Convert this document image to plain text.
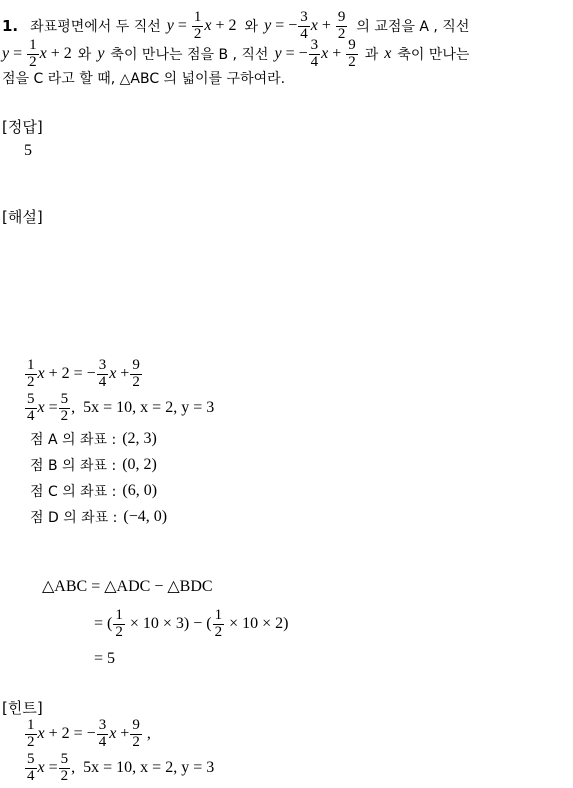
1. 좌표평면에서 두 직선 $y = \frac{1}{2}$ x + 2 와 y = − $\frac{3}{4}$ $x + \frac{9}{2}$ 의 교점을 A , 직선
$y = \frac{1}{2}$ x + 2 와 y 축이 만나는 점을 B , 직선 y = − $\frac{3}{4}$ $x + \frac{9}{2}$ 과 x 축이 만나는
점을 C 라고 할 때, △ABC 의 넓이를 구하여라.
[정답]
5
[해설]
$\frac{1}{2}$ x + 2 = − $\frac{3}{4}$ $x + \frac{9}{2}$
$\frac{5}{4}$ $x = \frac{5}{2}$ ,  5 x = 10, x = 2, y = 3
점 A 의 좌표 : (2, 3)
점 B 의 좌표 : (0, 2)
점 C 의 좌표 : (6, 0)
점 D 의 좌표 : (−4, 0)
△ABC = △ADC − △BDC
= ( $\frac{1}{2} \times 10 \times 3$) − ( $\frac{1}{2} \times 10 \times 2$)
= 5
[힌트]
$\frac{1}{2}$ x + 2 = − $\frac{3}{4}$ $x + \frac{9}{2}$ ,
$\frac{5}{4}$ $x = \frac{5}{2}$ ,  5 x = 10, x = 2, y = 3
